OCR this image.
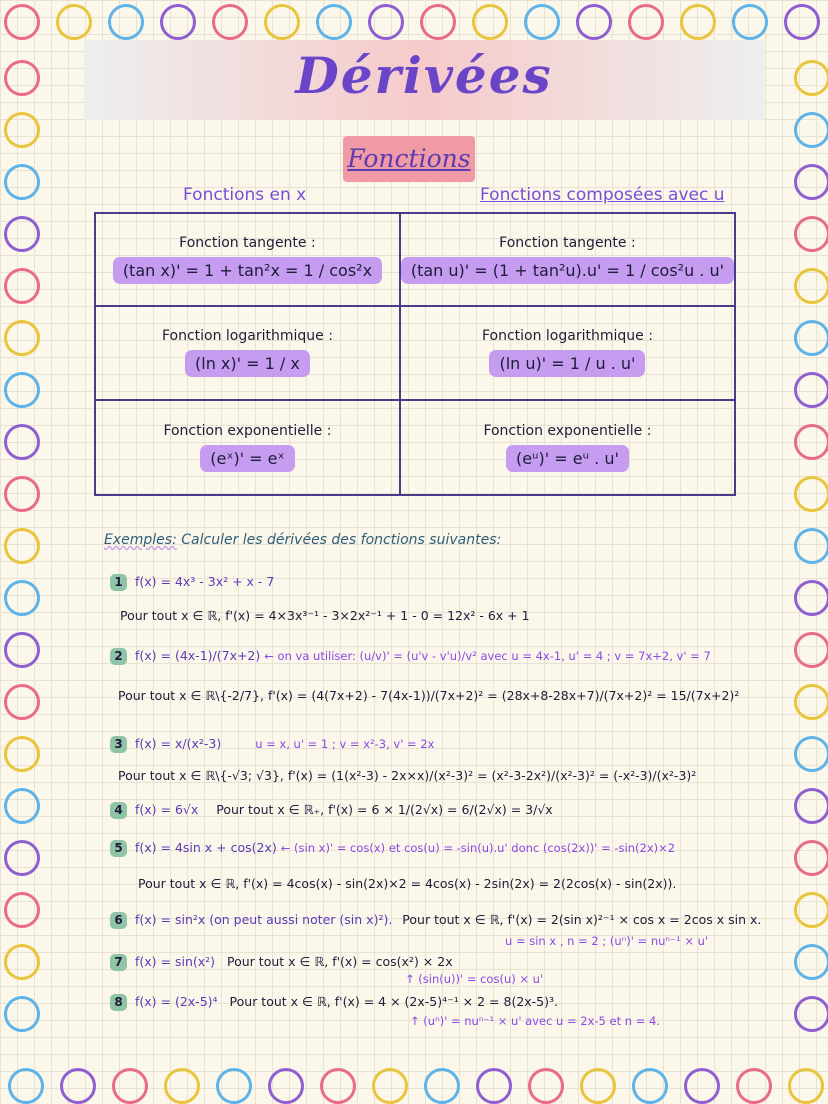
Dérivées
Fonctions
Fonctions en x	Fonctions composées avec u
Fonction tangente :
(tan x)' = 1 + tan²x = 1 / cos²x
Fonction tangente :
(tan u)' = (1 + tan²u).u' = 1 / cos²u . u'
Fonction logarithmique :
(ln x)' = 1 / x
Fonction logarithmique :
(ln u)' = 1 / u . u'
Fonction exponentielle :
(eˣ)' = eˣ
Fonction exponentielle :
(eᵘ)' = eᵘ . u'
Exemples: Calculer les dérivées des fonctions suivantes:
1 f(x) = 4x³ - 3x² + x - 7
Pour tout x ∈ ℝ, f'(x) = 4×3x³⁻¹ - 3×2x²⁻¹ + 1 - 0 = 12x² - 6x + 1
2 f(x) = (4x-1)/(7x+2) ← on va utiliser: (u/v)' = (u'v - v'u)/v² avec u = 4x-1, u' = 4 ; v = 7x+2, v' = 7
Pour tout x ∈ ℝ\{-2/7}, f'(x) = (4(7x+2) - 7(4x-1))/(7x+2)² = (28x+8-28x+7)/(7x+2)² = 15/(7x+2)²
3 f(x) = x/(x²-3)	u = x, u' = 1 ; v = x²-3, v' = 2x
Pour tout x ∈ ℝ\{-√3; √3}, f'(x) = (1(x²-3) - 2x×x)/(x²-3)² = (x²-3-2x²)/(x²-3)² = (-x²-3)/(x²-3)²
4 f(x) = 6√x Pour tout x ∈ ℝ₊, f'(x) = 6 × 1/(2√x) = 6/(2√x) = 3/√x
5 f(x) = 4sin x + cos(2x) ← (sin x)' = cos(x) et cos(u) = -sin(u).u' donc (cos(2x))' = -sin(2x)×2
Pour tout x ∈ ℝ, f'(x) = 4cos(x) - sin(2x)×2 = 4cos(x) - 2sin(2x) = 2(2cos(x) - sin(2x)).
6 f(x) = sin²x (on peut aussi noter (sin x)²). Pour tout x ∈ ℝ, f'(x) = 2(sin x)²⁻¹ × cos x = 2cos x sin x.
u = sin x , n = 2 ; (uⁿ)' = nuⁿ⁻¹ × u'
7 f(x) = sin(x²) Pour tout x ∈ ℝ, f'(x) = cos(x²) × 2x
↑ (sin(u))' = cos(u) × u'
8 f(x) = (2x-5)⁴ Pour tout x ∈ ℝ, f'(x) = 4 × (2x-5)⁴⁻¹ × 2 = 8(2x-5)³.
↑ (uⁿ)' = nuⁿ⁻¹ × u' avec u = 2x-5 et n = 4.
